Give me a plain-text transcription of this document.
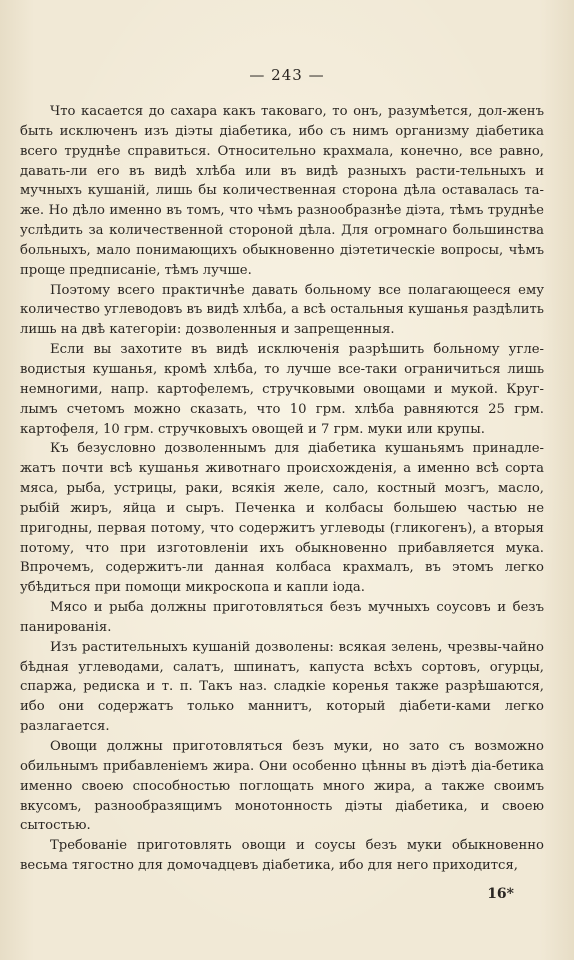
— 243 —

Что касается до сахара какъ таковаго, то онъ, разумѣется, дол-женъ быть исключенъ изъ діэты діабетика, ибо съ нимъ организму діабетика всего труднѣе справиться. Относительно крахмала, конечно, все равно, давать-ли его въ видѣ хлѣба или въ видѣ разныхъ расти-тельныхъ и мучныхъ кушаній, лишь бы количественная сторона дѣла оставалась та-же. Но дѣло именно въ томъ, что чѣмъ разнообразнѣе діэта, тѣмъ труднѣе услѣдить за количественной стороной дѣла. Для огромнаго большинства больныхъ, мало понимающихъ обыкновенно діэтетическіе вопросы, чѣмъ проще предписаніе, тѣмъ лучше.

Поэтому всего практичнѣе давать больному все полагающееся ему количество углеводовъ въ видѣ хлѣба, а всѣ остальныя кушанья раздѣлить лишь на двѣ категоріи: дозволенныя и запрещенныя.

Если вы захотите въ видѣ исключенія разрѣшить больному угле-водистыя кушанья, кромѣ хлѣба, то лучше все-таки ограничиться лишь немногими, напр. картофелемъ, стручковыми овощами и мукой. Круг-лымъ счетомъ можно сказать, что 10 грм. хлѣба равняются 25 грм. картофеля, 10 грм. стручковыхъ овощей и 7 грм. муки или крупы.

Къ безусловно дозволеннымъ для діабетика кушаньямъ принадле-жатъ почти всѣ кушанья животнаго происхожденія, а именно всѣ сорта мяса, рыба, устрицы, раки, всякія желе, сало, костный мозгъ, масло, рыбій жиръ, яйца и сыръ. Печенка и колбасы большею частью не пригодны, первая потому, что содержитъ углеводы (гликогенъ), а вторыя потому, что при изготовленіи ихъ обыкновенно прибавляется мука. Впрочемъ, содержитъ-ли данная колбаса крахмалъ, въ этомъ легко убѣдиться при помощи микроскопа и капли іода.

Мясо и рыба должны приготовляться безъ мучныхъ соусовъ и безъ панированія.

Изъ растительныхъ кушаній дозволены: всякая зелень, чрезвы-чайно бѣдная углеводами, салатъ, шпинатъ, капуста всѣхъ сортовъ, огурцы, спаржа, редиска и т. п. Такъ наз. сладкіе коренья также разрѣшаются, ибо они содержатъ только маннитъ, который діабети-ками легко разлагается.

Овощи должны приготовляться безъ муки, но зато съ возможно обильнымъ прибавленіемъ жира. Они особенно цѣнны въ діэтѣ діа-бетика именно своею способностью поглощать много жира, а также своимъ вкусомъ, разнообразящимъ монотонность діэты діабетика, и своею сытостью.

Требованіе приготовлять овощи и соусы безъ муки обыкновенно весьма тягостно для домочадцевъ діабетика, ибо для него приходится,

16*
